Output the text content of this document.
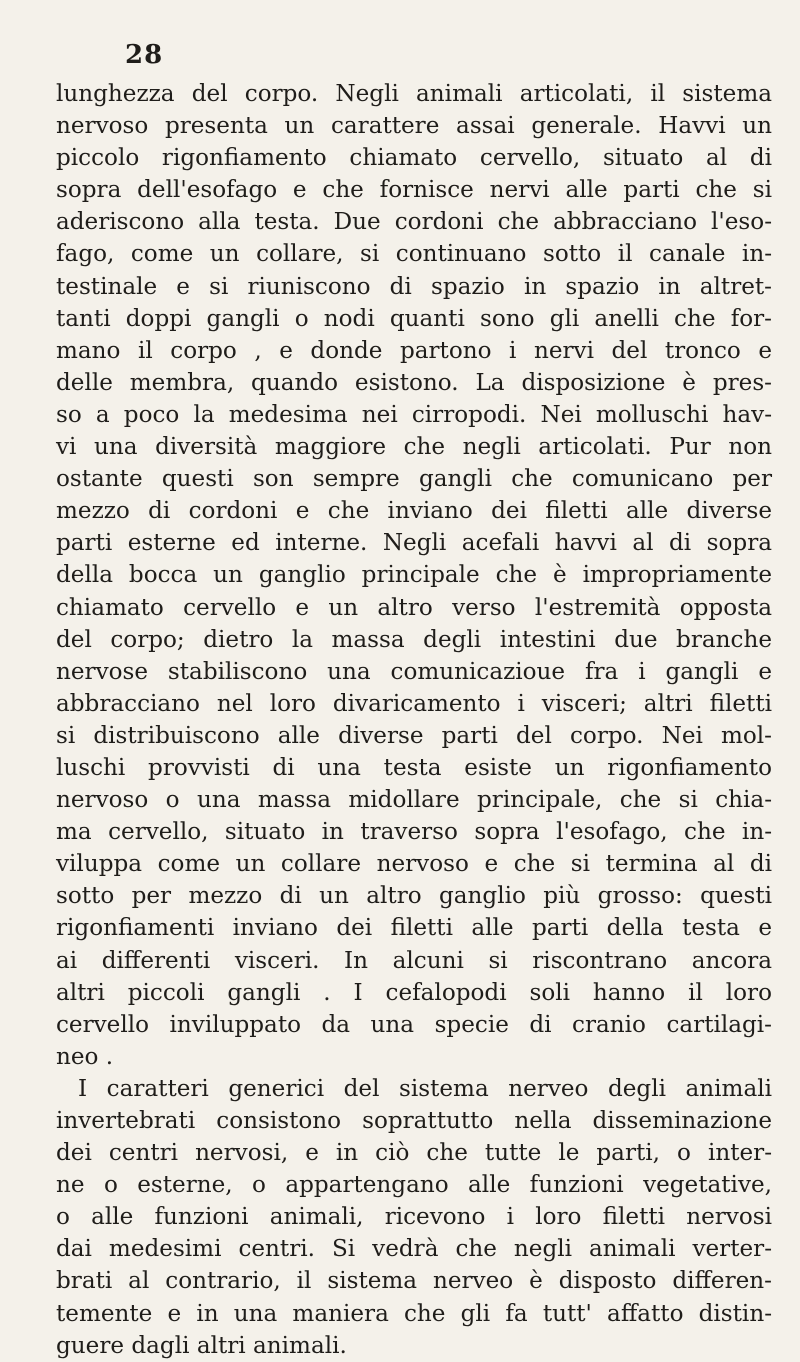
28
lunghezza del corpo. Negli animali articolati, il sistema
nervoso presenta un carattere assai generale. Havvi un
piccolo rigonfiamento chiamato cervello, situato al di
sopra dell'esofago e che fornisce nervi alle parti che si
aderiscono alla testa. Due cordoni che abbracciano l'eso-
fago, come un collare, si continuano sotto il canale in-
testinale e si riuniscono di spazio in spazio in altret-
tanti doppi gangli o nodi quanti sono gli anelli che for-
mano il corpo , e donde partono i nervi del tronco e
delle membra, quando esistono. La disposizione è pres-
so a poco la medesima nei cirropodi. Nei molluschi hav-
vi una diversità maggiore che negli articolati. Pur non
ostante questi son sempre gangli che comunicano per
mezzo di cordoni e che inviano dei filetti alle diverse
parti esterne ed interne. Negli acefali havvi al di sopra
della bocca un ganglio principale che è impropriamente
chiamato cervello e un altro verso l'estremità opposta
del corpo; dietro la massa degli intestini due branche
nervose stabiliscono una comunicazioue fra i gangli e
abbracciano nel loro divaricamento i visceri; altri filetti
si distribuiscono alle diverse parti del corpo. Nei mol-
luschi provvisti di una testa esiste un rigonfiamento
nervoso o una massa midollare principale, che si chia-
ma cervello, situato in traverso sopra l'esofago, che in-
viluppa come un collare nervoso e che si termina al di
sotto per mezzo di un altro ganglio più grosso: questi
rigonfiamenti inviano dei filetti alle parti della testa e
ai differenti visceri. In alcuni si riscontrano ancora
altri piccoli gangli . I cefalopodi soli hanno il loro
cervello inviluppato da una specie di cranio cartilagi-
neo .
I caratteri generici del sistema nerveo degli animali
invertebrati consistono soprattutto nella disseminazione
dei centri nervosi, e in ciò che tutte le parti, o inter-
ne o esterne, o appartengano alle funzioni vegetative,
o alle funzioni animali, ricevono i loro filetti nervosi
dai medesimi centri. Si vedrà che negli animali verter-
brati al contrario, il sistema nerveo è disposto differen-
temente e in una maniera che gli fa tutt' affatto distin-
guere dagli altri animali.
